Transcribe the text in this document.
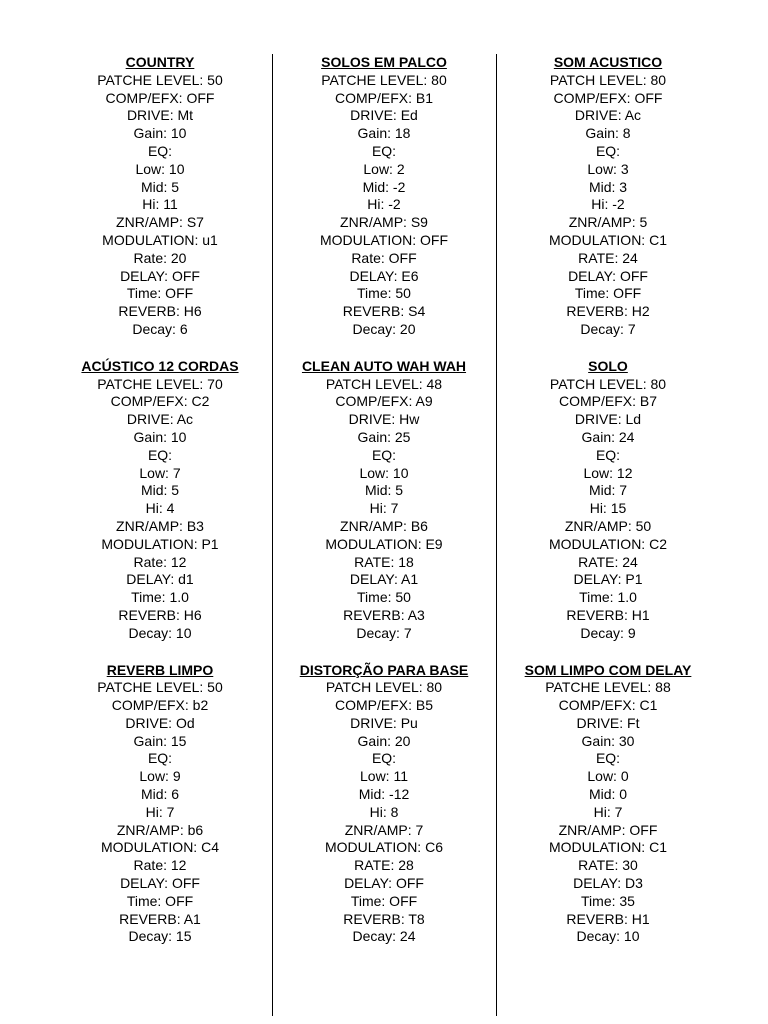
COUNTRY
PATCHE LEVEL: 50
COMP/EFX: OFF
DRIVE: Mt
Gain: 10
EQ:
Low: 10
Mid: 5
Hi: 11
ZNR/AMP: S7
MODULATION: u1
Rate: 20
DELAY: OFF
Time: OFF
REVERB: H6
Decay: 6
ACÚSTICO 12 CORDAS
PATCHE LEVEL: 70
COMP/EFX: C2
DRIVE: Ac
Gain: 10
EQ:
Low: 7
Mid: 5
Hi: 4
ZNR/AMP: B3
MODULATION: P1
Rate: 12
DELAY: d1
Time: 1.0
REVERB: H6
Decay: 10
REVERB LIMPO
PATCHE LEVEL: 50
COMP/EFX: b2
DRIVE: Od
Gain: 15
EQ:
Low: 9
Mid: 6
Hi: 7
ZNR/AMP: b6
MODULATION: C4
Rate: 12
DELAY: OFF
Time: OFF
REVERB: A1
Decay: 15
SOLOS EM PALCO
PATCHE LEVEL: 80
COMP/EFX: B1
DRIVE: Ed
Gain: 18
EQ:
Low: 2
Mid: -2
Hi: -2
ZNR/AMP: S9
MODULATION: OFF
Rate: OFF
DELAY: E6
Time: 50
REVERB: S4
Decay: 20
CLEAN AUTO WAH WAH
PATCH LEVEL: 48
COMP/EFX: A9
DRIVE: Hw
Gain: 25
EQ:
Low: 10
Mid: 5
Hi: 7
ZNR/AMP: B6
MODULATION: E9
RATE: 18
DELAY: A1
Time: 50
REVERB: A3
Decay: 7
DISTORÇÃO PARA BASE
PATCH LEVEL: 80
COMP/EFX: B5
DRIVE: Pu
Gain: 20
EQ:
Low: 11
Mid: -12
Hi: 8
ZNR/AMP: 7
MODULATION: C6
RATE: 28
DELAY: OFF
Time: OFF
REVERB: T8
Decay: 24
SOM ACUSTICO
PATCH LEVEL: 80
COMP/EFX: OFF
DRIVE: Ac
Gain: 8
EQ:
Low: 3
Mid: 3
Hi: -2
ZNR/AMP: 5
MODULATION: C1
RATE: 24
DELAY: OFF
Time: OFF
REVERB: H2
Decay: 7
SOLO
PATCH LEVEL: 80
COMP/EFX: B7
DRIVE: Ld
Gain: 24
EQ:
Low: 12
Mid: 7
Hi: 15
ZNR/AMP: 50
MODULATION: C2
RATE: 24
DELAY: P1
Time: 1.0
REVERB: H1
Decay: 9
SOM LIMPO COM DELAY
PATCHE LEVEL: 88
COMP/EFX: C1
DRIVE: Ft
Gain: 30
EQ:
Low: 0
Mid: 0
Hi: 7
ZNR/AMP: OFF
MODULATION: C1
RATE: 30
DELAY: D3
Time: 35
REVERB: H1
Decay: 10
